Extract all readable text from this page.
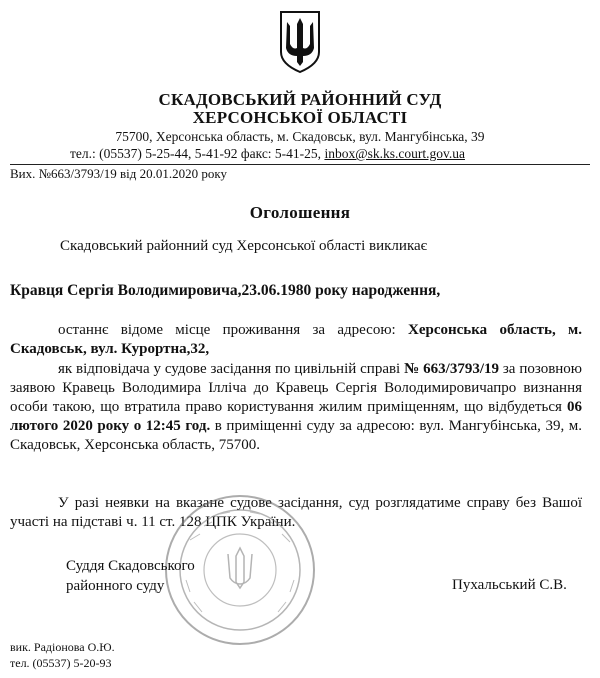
СКАДОВСЬКИЙ РАЙОННИЙ СУД
ХЕРСОНСЬКОЇ ОБЛАСТІ
75700, Херсонська область, м. Скадовськ, вул. Мангубінська, 39
тел.: (05537) 5-25-44, 5-41-92 факс: 5-41-25, inbox@sk.ks.court.gov.ua
Вих. №663/3793/19 від 20.01.2020 року
Оголошення
Скадовський районний суд Херсонської області викликає
Кравця Сергія Володимировича,23.06.1980 року народження,
останнє відоме місце проживання за адресою: Херсонська область, м. Скадовськ, вул. Курортна,32,
як відповідача у судове засідання по цивільній справі № 663/3793/19 за позовною заявою Кравець Володимира Ілліча до Кравець Сергія Володимировичапро визнання особи такою, що втратила право користування жилим приміщенням, що відбудеться 06 лютого 2020 року о 12:45 год. в приміщенні суду за адресою: вул. Мангубінська, 39, м. Скадовськ, Херсонська область, 75700.
У разі неявки на вказане судове засідання, суд розглядатиме справу без Вашої участі на підставі ч. 11 ст. 128 ЦПК України.
Суддя Скадовського
районного суду	Пухальський С.В.
вик. Радіонова О.Ю.
тел. (05537) 5-20-93
